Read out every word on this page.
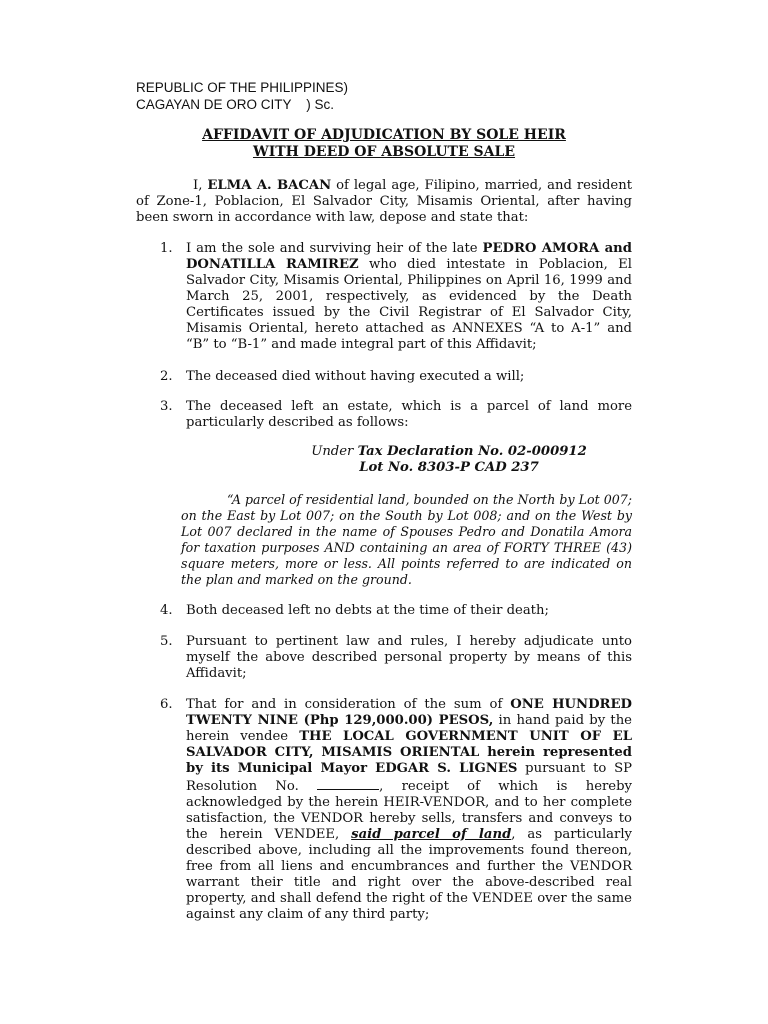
REPUBLIC OF THE PHILIPPINES)
CAGAYAN DE ORO CITY    ) Sc.
AFFIDAVIT OF ADJUDICATION BY SOLE HEIR
WITH DEED OF ABSOLUTE SALE
I, ELMA A. BACAN of legal age, Filipino, married, and resident of Zone-1, Poblacion, El Salvador City, Misamis Oriental, after having been sworn in accordance with law, depose and state that:
1. I am the sole and surviving heir of the late PEDRO AMORA and DONATILLA RAMIREZ who died intestate in Poblacion, El Salvador City, Misamis Oriental, Philippines on April 16, 1999 and March 25, 2001, respectively, as evidenced by the Death Certificates issued by the Civil Registrar of El Salvador City, Misamis Oriental, hereto attached as ANNEXES “A to A-1” and “B” to “B-1” and made integral part of this Affidavit;
2. The deceased died without having executed a will;
3. The deceased left an estate, which is a parcel of land more particularly described as follows:
Under Tax Declaration No. 02-000912
Lot No. 8303-P CAD 237
“A parcel of residential land, bounded on the North by Lot 007; on the East by Lot 007; on the South by Lot 008; and on the West by Lot 007 declared in the name of Spouses Pedro and Donatila Amora for taxation purposes AND containing an area of FORTY THREE (43) square meters, more or less. All points referred to are indicated on the plan and marked on the ground.
4. Both deceased left no debts at the time of their death;
5. Pursuant to pertinent law and rules, I hereby adjudicate unto myself the above described personal property by means of this Affidavit;
6. That for and in consideration of the sum of ONE HUNDRED TWENTY NINE (Php 129,000.00) PESOS, in hand paid by the herein vendee THE LOCAL GOVERNMENT UNIT OF EL SALVADOR CITY, MISAMIS ORIENTAL herein represented by its Municipal Mayor EDGAR S. LIGNES pursuant to SP Resolution No.	, receipt of which is hereby acknowledged by the herein HEIR-VENDOR, and to her complete satisfaction, the VENDOR hereby sells, transfers and conveys to the herein VENDEE, said parcel of land, as particularly described above, including all the improvements found thereon, free from all liens and encumbrances and further the VENDOR warrant their title and right over the above-described real property, and shall defend the right of the VENDEE over the same against any claim of any third party;
